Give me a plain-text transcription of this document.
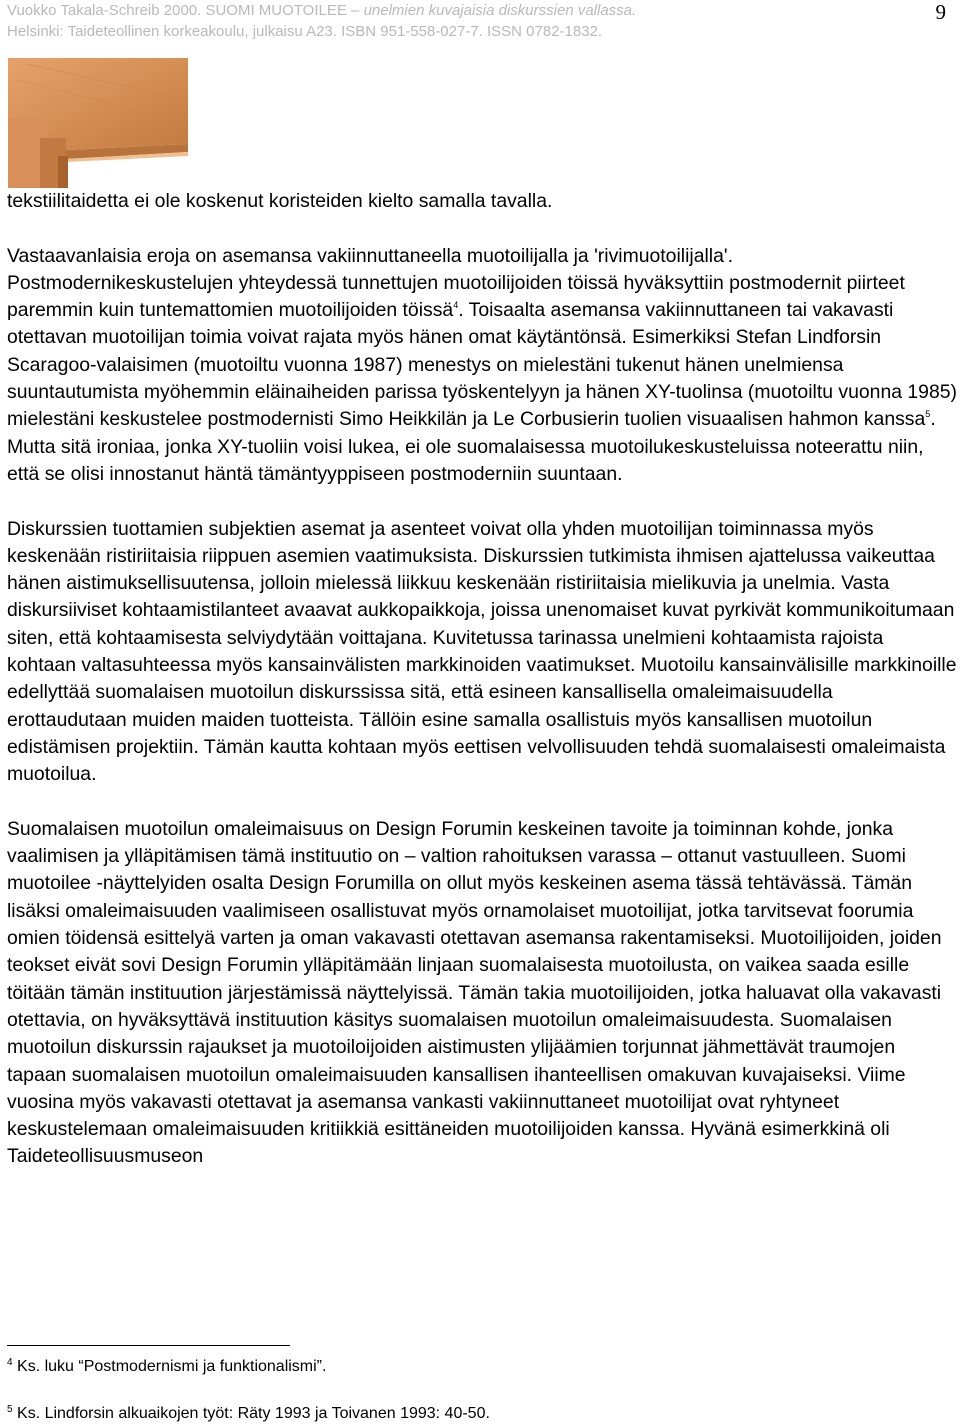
Vuokko Takala-Schreib 2000. SUOMI MUOTOILEE – unelmien kuvajaisia diskurssien vallassa.
Helsinki: Taideteollinen korkeakoulu, julkaisu A23. ISBN 951-558-027-7. ISSN 0782-1832.
9

tekstiilitaidetta ei ole koskenut koristeiden kielto samalla tavalla.

Vastaavanlaisia eroja on asemansa vakiinnuttaneella muotoilijalla ja 'rivimuotoilijalla'. Postmodernikeskustelujen yhteydessä tunnettujen muotoilijoiden töissä hyväksyttiin postmodernit piirteet paremmin kuin tuntemattomien muotoilijoiden töissä$^4$. Toisaalta asemansa vakiinnuttaneen tai vakavasti otettavan muotoilijan toimia voivat rajata myös hänen omat käytäntönsä. Esimerkiksi Stefan Lindforsin Scaragoo-valaisimen (muotoiltu vuonna 1987) menestys on mielestäni tukenut hänen unelmiensa suuntautumista myöhemmin eläinaiheiden parissa työskentelyyn ja hänen XY-tuolinsa (muotoiltu vuonna 1985) mielestäni keskustelee postmodernisti Simo Heikkilän ja Le Corbusierin tuolien visuaalisen hahmon kanssa$^5$. Mutta sitä ironiaa, jonka XY-tuoliin voisi lukea, ei ole suomalaisessa muotoilukeskusteluissa noteerattu niin, että se olisi innostanut häntä tämäntyyppiseen postmoderniin suuntaan.

Diskurssien tuottamien subjektien asemat ja asenteet voivat olla yhden muotoilijan toiminnassa myös keskenään ristiriitaisia riippuen asemien vaatimuksista. Diskurssien tutkimista ihmisen ajattelussa vaikeuttaa hänen aistimuksellisuutensa, jolloin mielessä liikkuu keskenään ristiriitaisia mielikuvia ja unelmia. Vasta diskursiiviset kohtaamistilanteet avaavat aukkopaikkoja, joissa unenomaiset kuvat pyrkivät kommunikoitumaan siten, että kohtaamisesta selviydytään voittajana. Kuvitetussa tarinassa unelmieni kohtaamista rajoista kohtaan valtasuhteessa myös kansainvälisten markkinoiden vaatimukset. Muotoilu kansainvälisille markkinoille edellyttää suomalaisen muotoilun diskurssissa sitä, että esineen kansallisella omaleimaisuudella erottaudutaan muiden maiden tuotteista. Tällöin esine samalla osallistuis myös kansallisen muotoilun edistämisen projektiin. Tämän kautta kohtaan myös eettisen velvollisuuden tehdä suomalaisesti omaleimaista muotoilua.

Suomalaisen muotoilun omaleimaisuus on Design Forumin keskeinen tavoite ja toiminnan kohde, jonka vaalimisen ja ylläpitämisen tämä instituutio on – valtion rahoituksen varassa – ottanut vastuulleen. Suomi muotoilee -näyttelyiden osalta Design Forumilla on ollut myös keskeinen asema tässä tehtävässä. Tämän lisäksi omaleimaisuuden vaalimiseen osallistuvat myös ornamolaiset muotoilijat, jotka tarvitsevat foorumia omien töidensä esittelyä varten ja oman vakavasti otettavan asemansa rakentamiseksi. Muotoilijoiden, joiden teokset eivät sovi Design Forumin ylläpitämään linjaan suomalaisesta muotoilusta, on vaikea saada esille töitään tämän instituution järjestämissä näyttelyissä. Tämän takia muotoilijoiden, jotka haluavat olla vakavasti otettavia, on hyväksyttävä instituution käsitys suomalaisen muotoilun omaleimaisuudesta. Suomalaisen muotoilun diskurssin rajaukset ja muotoiloijoiden aistimusten ylijäämien torjunnat jähmettävät traumojen tapaan suomalaisen muotoilun omaleimaisuuden kansallisen ihanteellisen omakuvan kuvajaiseksi. Viime vuosina myös vakavasti otettavat ja asemansa vankasti vakiinnuttaneet muotoilijat ovat ryhtyneet keskustelemaan omaleimaisuuden kritiikkiä esittäneiden muotoilijoiden kanssa. Hyvänä esimerkkinä oli Taideteollisuusmuseon

$^4$ Ks. luku “Postmodernismi ja funktionalismi”.
$^5$ Ks. Lindforsin alkuaikojen työt: Räty 1993 ja Toivanen 1993: 40-50.
